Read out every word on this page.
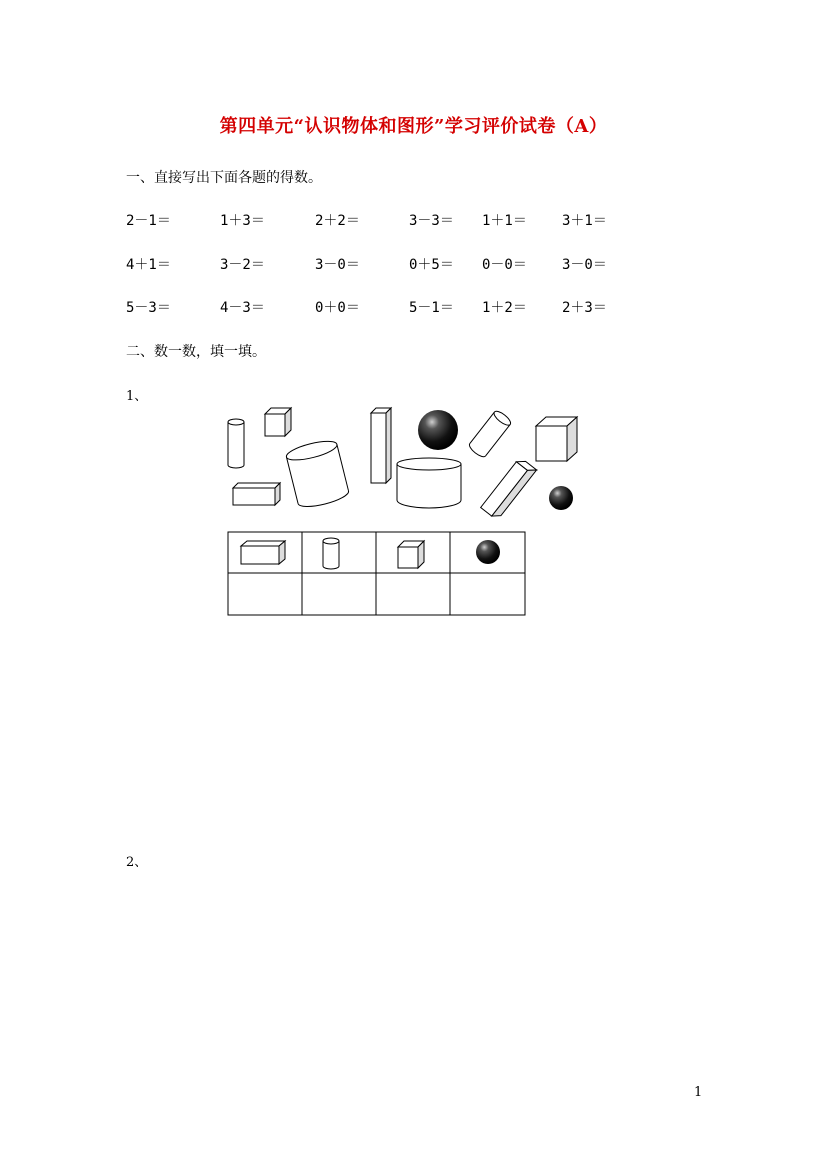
第四单元“认识物体和图形”学习评价试卷（A）
一、直接写出下面各题的得数。
2－1＝	1＋3＝	2＋2＝	3－3＝ 1＋1＝	3＋1＝
4＋1＝	3－2＝	3－0＝	0＋5＝ 0－0＝	3－0＝
5－3＝	4－3＝	0＋0＝	5－1＝ 1＋2＝	2＋3＝
二、数一数，填一填。
1、
2、
1
